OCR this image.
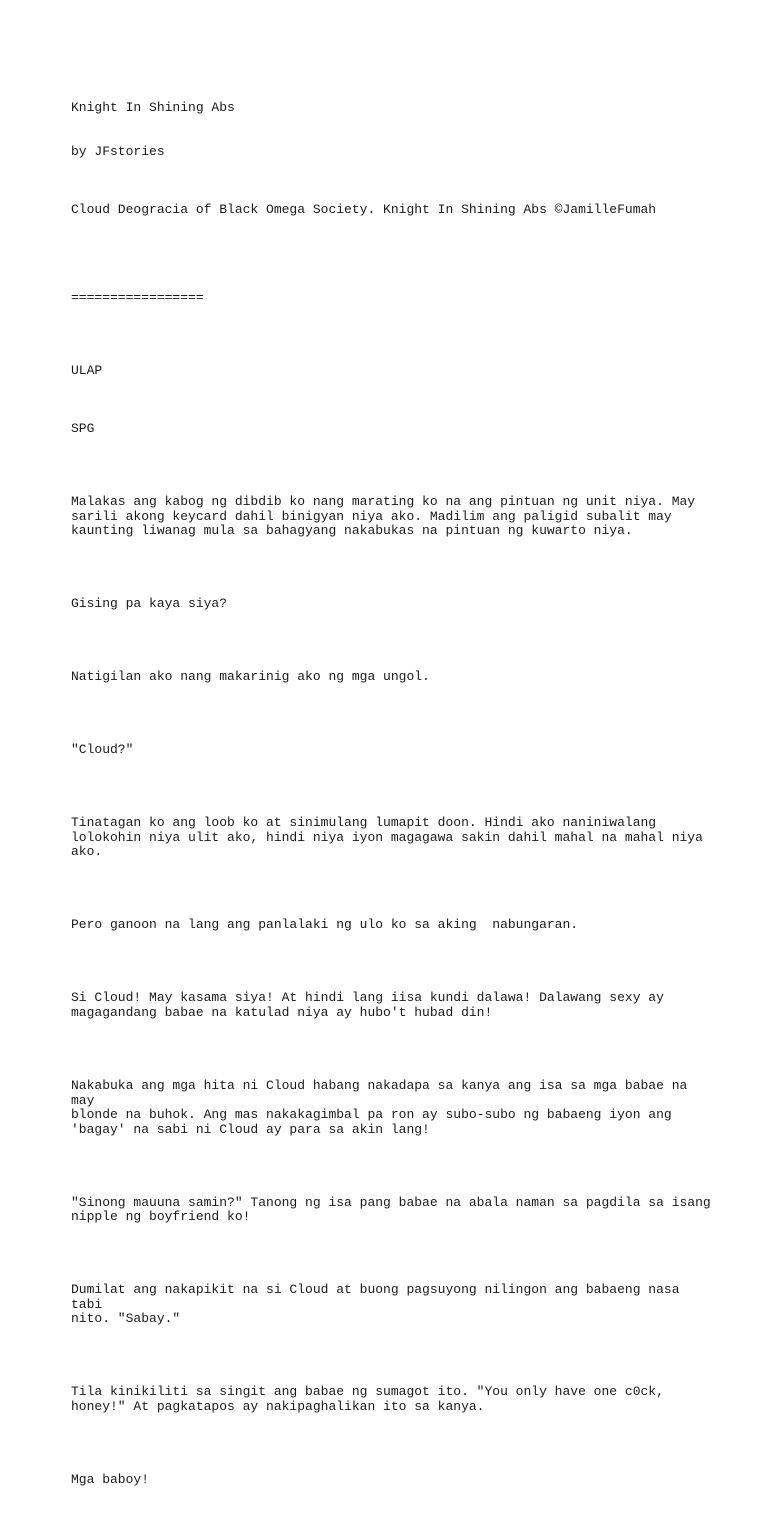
Knight In Shining Abs

by JFstories

Cloud Deogracia of Black Omega Society. Knight In Shining Abs ©JamilleFumah

=================

ULAP

SPG

Malakas ang kabog ng dibdib ko nang marating ko na ang pintuan ng unit niya. May
sarili akong keycard dahil binigyan niya ako. Madilim ang paligid subalit may
kaunting liwanag mula sa bahagyang nakabukas na pintuan ng kuwarto niya.

Gising pa kaya siya?

Natigilan ako nang makarinig ako ng mga ungol.

"Cloud?"

Tinatagan ko ang loob ko at sinimulang lumapit doon. Hindi ako naniniwalang
lolokohin niya ulit ako, hindi niya iyon magagawa sakin dahil mahal na mahal niya
ako.

Pero ganoon na lang ang panlalaki ng ulo ko sa aking  nabungaran.

Si Cloud! May kasama siya! At hindi lang iisa kundi dalawa! Dalawang sexy ay
magagandang babae na katulad niya ay hubo't hubad din!

Nakabuka ang mga hita ni Cloud habang nakadapa sa kanya ang isa sa mga babae na may
blonde na buhok. Ang mas nakakagimbal pa ron ay subo-subo ng babaeng iyon ang
'bagay' na sabi ni Cloud ay para sa akin lang!

"Sinong mauuna samin?" Tanong ng isa pang babae na abala naman sa pagdila sa isang
nipple ng boyfriend ko!

Dumilat ang nakapikit na si Cloud at buong pagsuyong nilingon ang babaeng nasa tabi
nito. "Sabay."

Tila kinikiliti sa singit ang babae ng sumagot ito. "You only have one c0ck,
honey!" At pagkatapos ay nakipaghalikan ito sa kanya.

Mga baboy!
